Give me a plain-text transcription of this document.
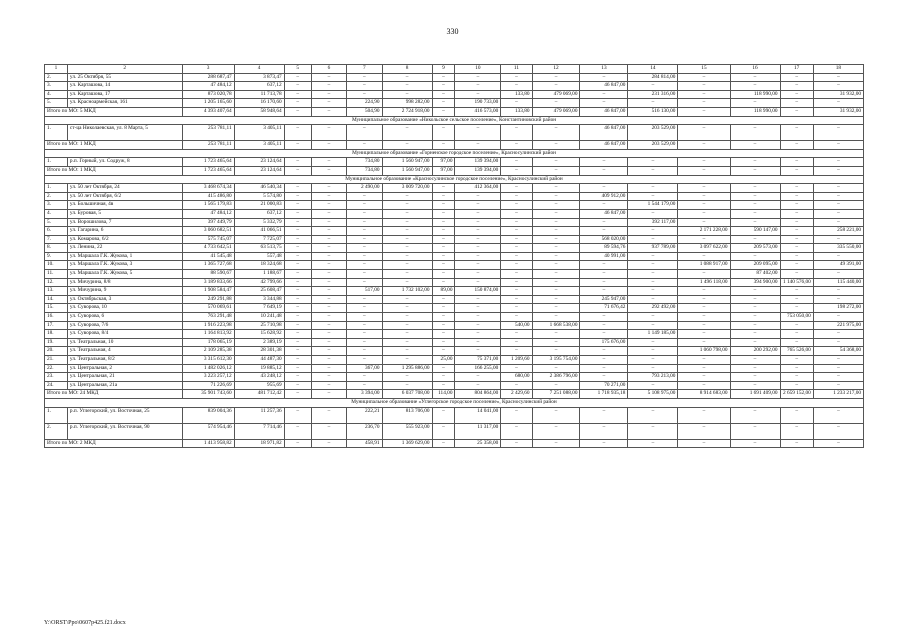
330
1	2	3	4	5	6	7	8	9	10	11	12	13	14	15	16	17	18
2.	ул. 25 Октября, 55	288 687,47	3 873,47	–	–	–	–	–	–	–	–	–	284 814,00	–	–	–	–
3.	ул. Карташова, 14	47 484,12	637,12	–	–	–	–	–	–	–	–	46 847,00	–	–	–	–	–
4.	ул. Карташова, 17	873 020,78	11 713,78	–	–	–	–	–	–	133,80	479 069,00	–	231 316,00	–	118 990,00	–	31 932,00
5.	ул. Красноармейская, 161	1 205 165,60	16 170,60	–	–	224,90	998 282,00	–	190 733,00	–	–	–	–	–	–	–	–
Итого по МО: 5 МКД		4 393 407,64	58 948,64	–	–	504,90	2 724 918,00	–	416 573,00	133,80	479 069,00	46 847,00	516 130,00	–	118 990,00	–	31 932,00
Муниципальное образование «Никольское сельское поселение», Константиновский район																	
1.	ст-ца Николаевская, ул. 8 Марта, 5	253 781,11	3 405,11	–	–	–	–	–	–	–	–	46 847,00	203 529,00	–	–	–	–
Итого по МО: 1 МКД		253 781,11	3 405,11	–	–	–	–	–	–	–	–	46 847,00	203 529,00	–	–	–	–
Муниципальное образование «Горненское городское поселение», Красносулинский район																	
1.	р.п. Горный, ул. Содруж, 8	1 723 465,64	23 124,64	–	–	734,80	1 560 947,00	97,00	139 394,00	–	–	–	–	–	–	–	–
Итого по МО: 1 МКД		1 723 465,64	23 124,64	–	–	734,80	1 560 947,00	97,00	139 394,00	–	–	–	–	–	–	–	–
Муниципальное образование «Красносулинское городское поселение», Красносулинский район																	
1.	ул. 50 лет Октября, 24	3 468 674,34	46 540,34	–	–	2 490,00	3 009 720,00	–	412 364,00	–	–	–	–	–	–	–	–
2.	ул. 50 лет Октября, 6/2	415 486,80	5 574,80	–	–	–	–	–	–	–	–	409 912,00	–	–	–	–	–
3.	ул. Большичная, 4в	1 565 179,83	21 000,83	–	–	–	–	–	–	–	–	–	1 544 179,00	–	–	–	–
4.	ул. Буровая, 5	47 484,12	637,12	–	–	–	–	–	–	–	–	46 847,00	–	–	–	–	–
5.	ул. Ворошилова, 7	397 449,79	5 332,79	–	–	–	–	–	–	–	–	–	392 117,00	–	–	–	–
6.	ул. Гагарина, 6	3 060 682,51	41 066,51	–	–	–	–	–	–	–	–	–	–	2 171 228,00	590 147,00	–	258 221,00
7.	ул. Комарова, 6/2	575 745,07	7 725,07	–	–	–	–	–	–	–	–	568 020,00	–	–	–	–	–
8.	ул. Ленина, 22	4 733 642,51	63 513,75	–	–	–	–	–	–	–	–	89 594,76	937 789,00	3 097 622,00	209 573,00	–	335 550,00
9.	ул. Маршала Г.К. Жукова, 1	41 545,48	557,48	–	–	–	–	–	–	–	–	40 991,00	–	–	–	–	–
10.	ул. Маршала Г.К. Жукова, 3	1 365 727,68	18 324,68	–	–	–	–	–	–	–	–	–	–	1 088 917,00	209 095,00	–	49 391,00
11.	ул. Маршала Г.К. Жукова, 5	88 590,67	1 188,67	–	–	–	–	–	–	–	–	–	–	–	87 402,00	–	–
12.	ул. Мичурина, 8/8	3 189 833,66	42 799,66	–	–	–	–	–	–	–	–	–	–	1 496 118,00	394 900,00	1 140 576,00	115 440,00
13.	ул. Мичурина, 9	1 908 584,47	25 608,47	–	–	517,00	1 732 102,00	89,00	150 874,00	–	–	–	–	–	–	–	–
14.	ул. Октябрьская, 3	249 291,88	3 344,88	–	–	–	–	–	–	–	–	245 947,00	–	–	–	–	–
15.	ул. Суворова, 10	570 069,61	7 649,19	–	–	–	–	–	–	–	–	71 676,42	292 492,00	–	–	–	198 272,00
16.	ул. Суворова, 6	763 291,48	10 241,48	–	–	–	–	–	–	–	–	–	–	–	–	753 050,00	–
17.	ул. Суворова, 7/6	1 916 223,98	25 710,98	–	–	–	–	–	–	540,00	1 668 538,00	–	–	–	–	–	221 975,00
18.	ул. Суворова, 8/4	1 164 813,92	15 628,92	–	–	–	–	–	–	–	–	–	1 149 185,00	–	–	–	–
19.	ул. Театральная, 10	178 065,19	2 389,19	–	–	–	–	–	–	–	–	175 676,00	–	–	–	–	–
20.	ул. Театральная, 4	2 109 285,38	28 301,38	–	–	–	–	–	–	–	–	–	–	1 060 798,00	200 292,00	765 526,00	54 368,00
21.	ул. Театральная, 8/2	3 315 612,30	44 487,30	–	–	–	–	25,00	75 371,00	1 209,60	3 195 754,00	–	–	–	–	–	–
22.	ул. Центральная, 2	1 482 026,12	19 885,12	–	–	367,00	1 295 886,00	–	166 255,00	–	–	–	–	–	–	–	–
23.	ул. Центральная, 21	3 223 257,12	43 248,12	–	–	–	–	–	–	680,00	2 386 796,00	–	793 213,00	–	–	–	–
24.	ул. Центральная, 21а	71 226,69	955,69	–	–	–	–	–	–	–	–	70 271,00	–	–	–	–	–
Итого по МО: 24 МКД		35 901 743,60	481 712,42	–	–	3 394,00	6 037 708,00	114,00	804 864,00	2 429,60	7 251 088,00	1 718 935,18	5 108 975,00	8 914 683,00	1 691 409,00	2 659 152,00	1 233 217,00
Муниципальное образование «Углегорское городское поселение», Красносулинский район																	
1.	р.п. Углегорский, ул. Восточная, 25	839 004,36	11 257,36	–	–	222,21	813 706,00	–	14 041,00	–	–	–	–	–	–	–	–
2.	р.п. Углегорский, ул. Восточная, 90	574 954,46	7 714,46	–	–	236,70	555 923,00	–	11 317,00	–	–	–	–	–	–	–	–
Итого по МО: 2 МКД		1 413 958,82	18 971,82	–	–	458,91	1 369 629,00	–	25 358,00	–	–	–	–	–	–	–	–
Y:\ORST\Ppo\0607p425.f21.docx
